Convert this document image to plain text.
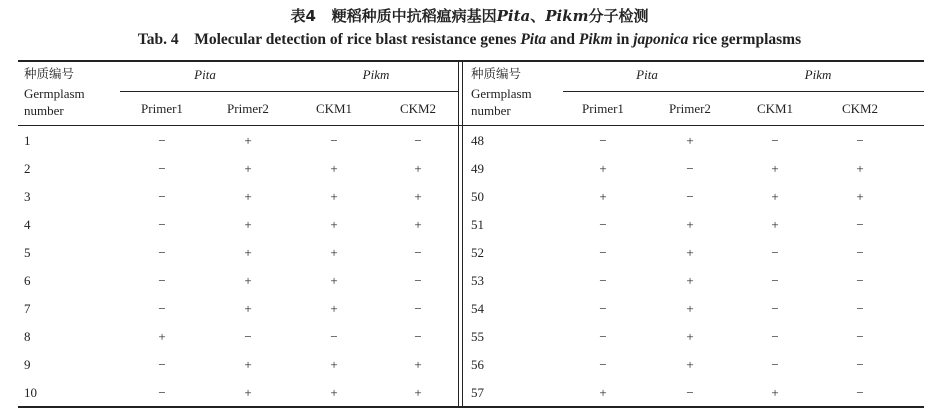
表4 粳稻种质中抗稻瘟病基因Pita、Pikm分子检测
Tab. 4 Molecular detection of rice blast resistance genes Pita and Pikm in japonica rice germplasms
种质编号
Germplasm
number
Pita	Pikm
Primer1	Primer2	CKM1	CKM2
种质编号
Germplasm
number
Pita	Pikm
Primer1	Primer2	CKM1	CKM2
1	−	+	−	−
2	−	+	+	+
3	−	+	+	+
4	−	+	+	+
5	−	+	+	−
6	−	+	+	−
7	−	+	+	−
8	+	−	−	−
9	−	+	+	+
10	−	+	+	+
48	−	+	−	−
49	+	−	+	+
50	+	−	+	+
51	−	+	+	−
52	−	+	−	−
53	−	+	−	−
54	−	+	−	−
55	−	+	−	−
56	−	+	−	−
57	+	−	+	−
